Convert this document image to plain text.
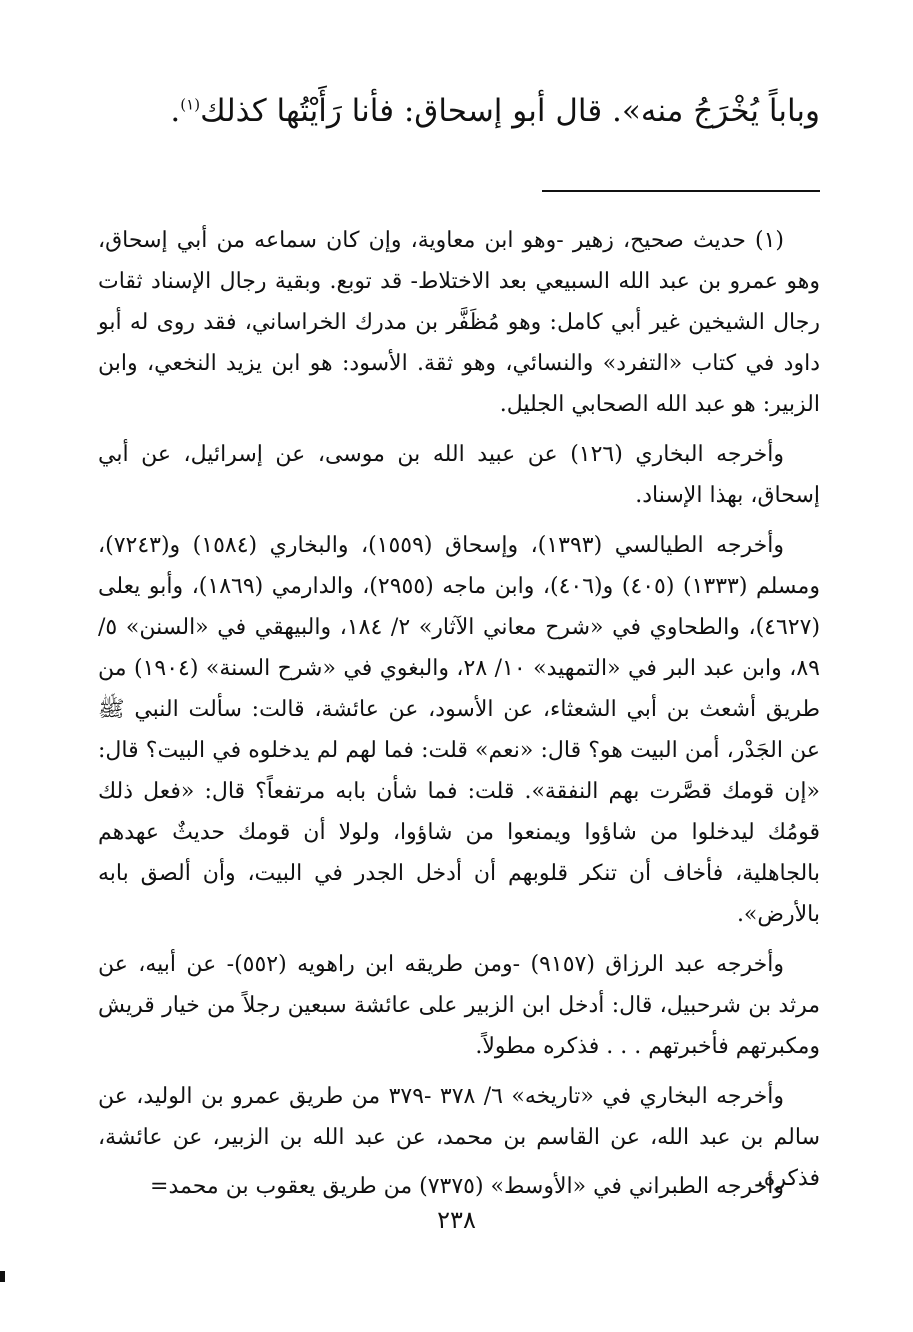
وباباً يُخْرَجُ منه». قال أبو إسحاق: فأنا رَأَيْتُها كذلك$^{(١)}$.

(١) حديث صحيح، زهير -وهو ابن معاوية، وإن كان سماعه من أبي إسحاق، وهو عمرو بن عبد الله السبيعي بعد الاختلاط- قد توبع. وبقية رجال الإسناد ثقات رجال الشيخين غير أبي كامل: وهو مُظَفَّر بن مدرك الخراساني، فقد روى له أبو داود في كتاب «التفرد» والنسائي، وهو ثقة. الأسود: هو ابن يزيد النخعي، وابن الزبير: هو عبد الله الصحابي الجليل.

وأخرجه البخاري (١٢٦) عن عبيد الله بن موسى، عن إسرائيل، عن أبي إسحاق، بهذا الإسناد.

وأخرجه الطيالسي (١٣٩٣)، وإسحاق (١٥٥٩)، والبخاري (١٥٨٤) و(٧٢٤٣)، ومسلم (١٣٣٣) (٤٠٥) و(٤٠٦)، وابن ماجه (٢٩٥٥)، والدارمي (١٨٦٩)، وأبو يعلى (٤٦٢٧)، والطحاوي في «شرح معاني الآثار» ٢/ ١٨٤، والبيهقي في «السنن» ٥/ ٨٩، وابن عبد البر في «التمهيد» ١٠/ ٢٨، والبغوي في «شرح السنة» (١٩٠٤) من طريق أشعث بن أبي الشعثاء، عن الأسود، عن عائشة، قالت: سألت النبي ﷺ عن الجَدْر، أمن البيت هو؟ قال: «نعم» قلت: فما لهم لم يدخلوه في البيت؟ قال: «إن قومك قصَّرت بهم النفقة». قلت: فما شأن بابه مرتفعاً؟ قال: «فعل ذلك قومُك ليدخلوا من شاؤوا ويمنعوا من شاؤوا، ولولا أن قومك حديثٌ عهدهم بالجاهلية، فأخاف أن تنكر قلوبهم أن أدخل الجدر في البيت، وأن ألصق بابه بالأرض».

وأخرجه عبد الرزاق (٩١٥٧) -ومن طريقه ابن راهويه (٥٥٢)- عن أبيه، عن مرثد بن شرحبيل، قال: أدخل ابن الزبير على عائشة سبعين رجلاً من خيار قريش ومكبرتهم فأخبرتهم . . . فذكره مطولاً.

وأخرجه البخاري في «تاريخه» ٦/ ٣٧٨ -٣٧٩ من طريق عمرو بن الوليد، عن سالم بن عبد الله، عن القاسم بن محمد، عن عبد الله بن الزبير، عن عائشة، فذكره.

وأخرجه الطبراني في «الأوسط» (٧٣٧٥) من طريق يعقوب بن محمد=
٢٣٨
